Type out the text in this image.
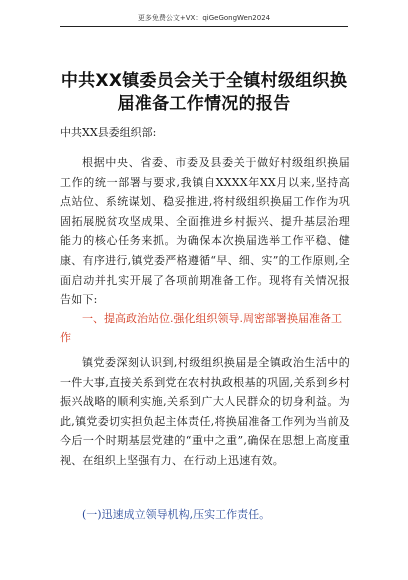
更多免费公文+VX：qiGeGongWen2024
中共XX镇委员会关于全镇村级组织换届准备工作情况的报告
中共XX县委组织部:
根据中央、省委、市委及县委关于做好村级组织换届工作的统一部署与要求,我镇自XXXX年XX月以来,坚持高点站位、系统谋划、稳妥推进,将村级组织换届工作作为巩固拓展脱贫攻坚成果、全面推进乡村振兴、提升基层治理能力的核心任务来抓。为确保本次换届选举工作平稳、健康、有序进行,镇党委严格遵循“早、细、实”的工作原则,全面启动并扎实开展了各项前期准备工作。现将有关情况报告如下:
一、提高政治站位.强化组织领导.周密部署换届准备工作
镇党委深刻认识到,村级组织换届是全镇政治生活中的一件大事,直接关系到党在农村执政根基的巩固,关系到乡村振兴战略的顺利实施,关系到广大人民群众的切身利益。为此,镇党委切实担负起主体责任,将换届准备工作列为当前及今后一个时期基层党建的“重中之重”,确保在思想上高度重视、在组织上坚强有力、在行动上迅速有效。
(一)迅速成立领导机构,压实工作责任。
